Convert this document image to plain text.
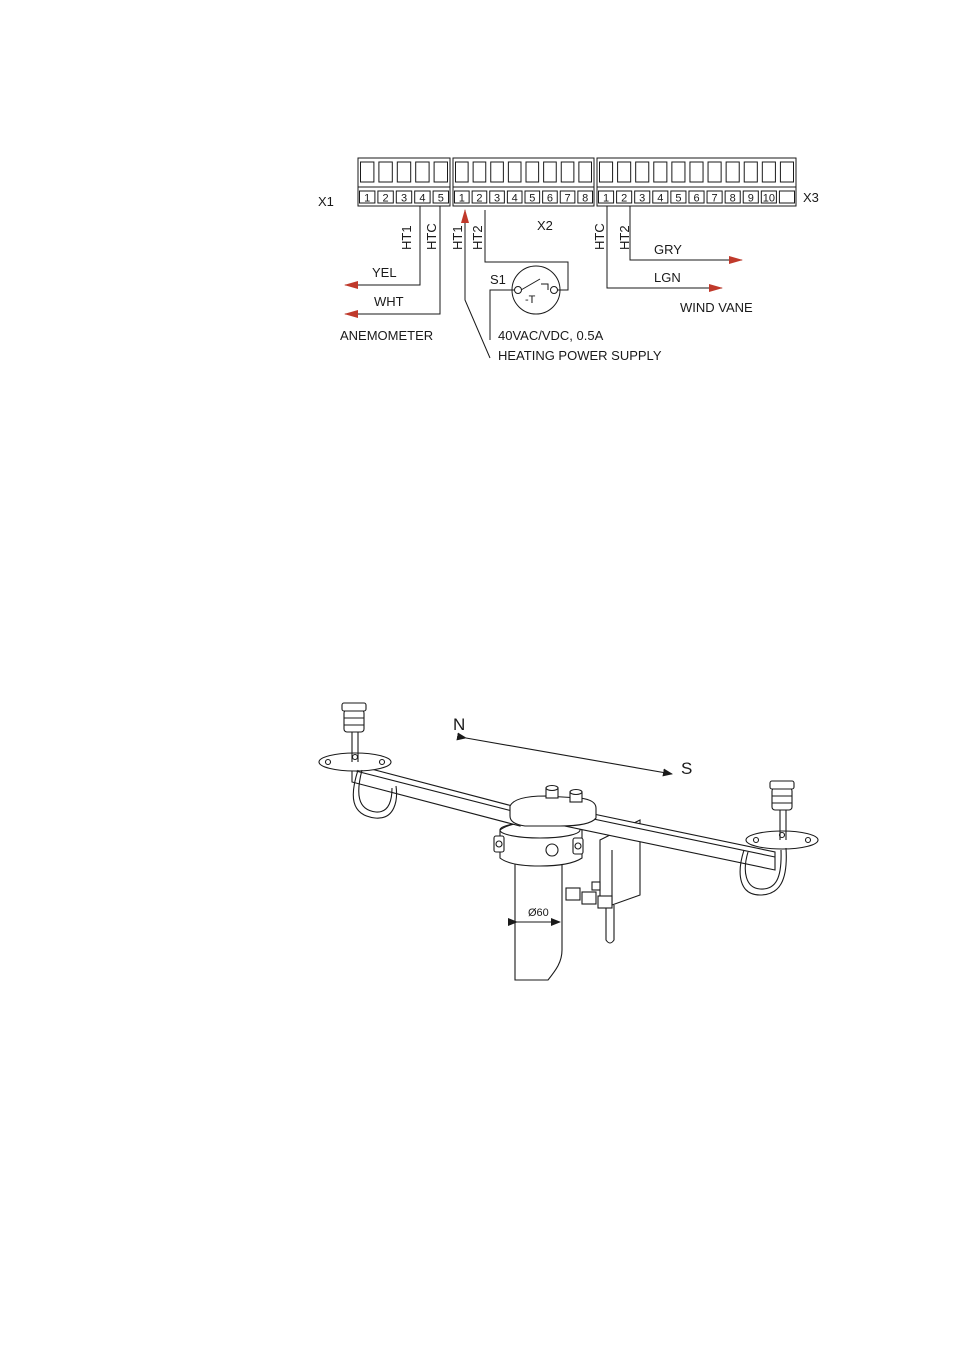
1 2 3 4 5 1 2 3 4 5 6 7 8 1 2 3 4 5 6 7 8 9 10
X1
X2
X3
HT1 HTC HT1 HT2	HTC HT2
YEL
WHT
GRY
LGN
S1
-T
40VAC/VDC, 0.5A
HEATING POWER SUPPLY
ANEMOMETER
WIND VANE
N
S
Ø60
